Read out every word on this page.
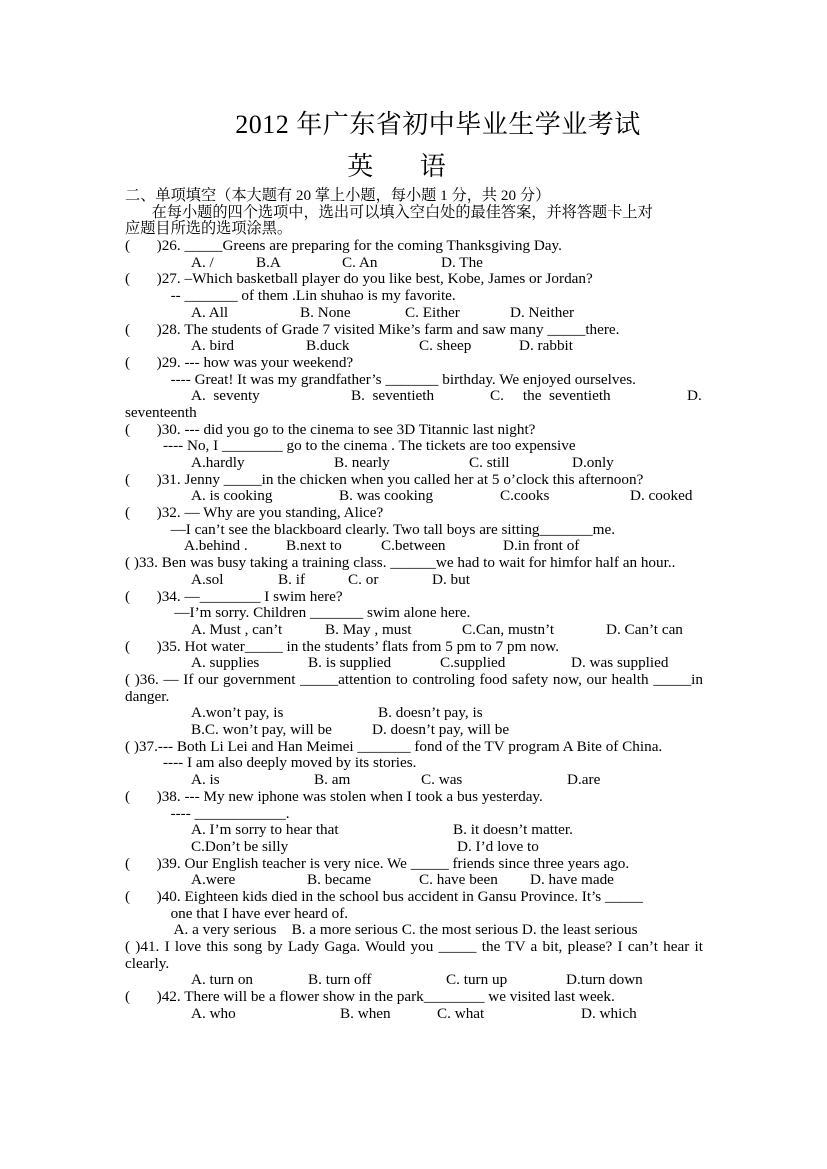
2012 年广东省初中毕业生学业考试
英 语
二、单项填空（本大题有 20 掌上小题，每小题 1 分，共 20 分）
在每小题的四个选项中，选出可以填入空白处的最佳答案，并将答题卡上对
应题目所选的选项涂黑。
(       )26. _____Greens are preparing for the coming Thanksgiving Day.
A. /	B.A	C. An	D. The
(       )27. –Which basketball player do you like best, Kobe, James or Jordan?
-- _______ of them .Lin shuhao is my favorite.
A. All	B. None	C. Either	D. Neither
(       )28. The students of Grade 7 visited Mike’s farm and saw many _____there.
A. bird	B.duck	C. sheep	D. rabbit
(       )29. --- how was your weekend?
---- Great! It was my grandfather’s _______ birthday. We enjoyed ourselves.
A.  seventy	B.  seventieth	C.     the  seventieth	D.
seventeenth
(       )30. --- did you go to the cinema to see 3D Titannic last night?
---- No, I ________ go to the cinema . The tickets are too expensive
A.hardly	B. nearly	C. still	D.only
(       )31. Jenny _____in the chicken when you called her at 5 o’clock this afternoon?
A. is cooking	B. was cooking	C.cooks	D. cooked
(       )32. — Why are you standing, Alice?
—I can’t see the blackboard clearly. Two tall boys are sitting_______me.
A.behind .	B.next to	C.between	D.in front of
( )33. Ben was busy taking a training class. ______we had to wait for himfor half an hour..
A.sol	B. if	C. or	D. but
(       )34. —________ I swim here?
—I’m sorry. Children _______ swim alone here.
A. Must , can’t	B. May , must	C.Can, mustn’t	D. Can’t can
(       )35. Hot water_____ in the students’ flats from 5 pm to 7 pm now.
A. supplies	B. is supplied	C.supplied	D. was supplied
( )36. — If our government _____attention to controling food safety now, our health _____in danger.
A.won’t pay, is	B. doesn’t pay, is
B.C. won’t pay, will be	D. doesn’t pay, will be
( )37.--- Both Li Lei and Han Meimei _______ fond of the TV program A Bite of China.
---- I am also deeply moved by its stories.
A. is	B. am	C. was	D.are
(       )38. --- My new iphone was stolen when I took a bus yesterday.
---- ____________.
A. I’m sorry to hear that	B. it doesn’t matter.
C.Don’t be silly	D. I’d love to
(       )39. Our English teacher is very nice. We _____ friends since three years ago.
A.were	B. became	C. have been	D. have made
(       )40. Eighteen kids died in the school bus accident in Gansu Province. It’s _____
one that I have ever heard of.
A. a very serious    B. a more serious C. the most serious D. the least serious
( )41. I love this song by Lady Gaga. Would you _____ the TV a bit, please? I can’t hear it clearly.
A. turn on	B. turn off	C. turn up	D.turn down
(       )42. There will be a flower show in the park________ we visited last week.
A. who	B. when	C. what	D. which
